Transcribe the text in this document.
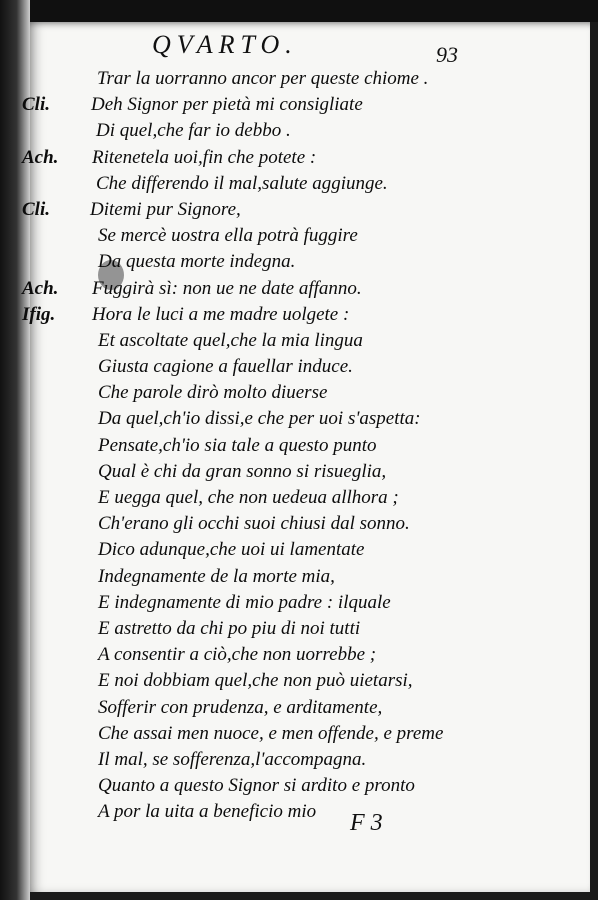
QVARTO.	93
Trar la uorranno ancor per queste chiome .
Cli. Deh Signor per pietà mi consigliate
Di quel,che far io debbo .
Ach. Ritenetela uoi,fin che potete :
Che differendo il mal,salute aggiunge.
Cli. Ditemi pur Signore,
Se mercè uostra ella potrà fuggire
Da questa morte indegna.
Ach. Fuggirà sì: non ue ne date affanno.
Ifig. Hora le luci a me madre uolgete :
Et ascoltate quel,che la mia lingua
Giusta cagione a fauellar induce.
Che parole dirò molto diuerse
Da quel,ch'io dissi,e che per uoi s'aspetta:
Pensate,ch'io sia tale a questo punto
Qual è chi da gran sonno si risueglia,
E uegga quel, che non uedeua allhora ;
Ch'erano gli occhi suoi chiusi dal sonno.
Dico adunque,che uoi ui lamentate
Indegnamente de la morte mia,
E indegnamente di mio padre : ilquale
E astretto da chi po piu di noi tutti
A consentir a ciò,che non uorrebbe ;
E noi dobbiam quel,che non può uietarsi,
Sofferir con prudenza, e arditamente,
Che assai men nuoce, e men offende, e preme
Il mal, se sofferenza,l'accompagna.
Quanto a questo Signor si ardito e pronto
A por la uita a beneficio mio F 3
